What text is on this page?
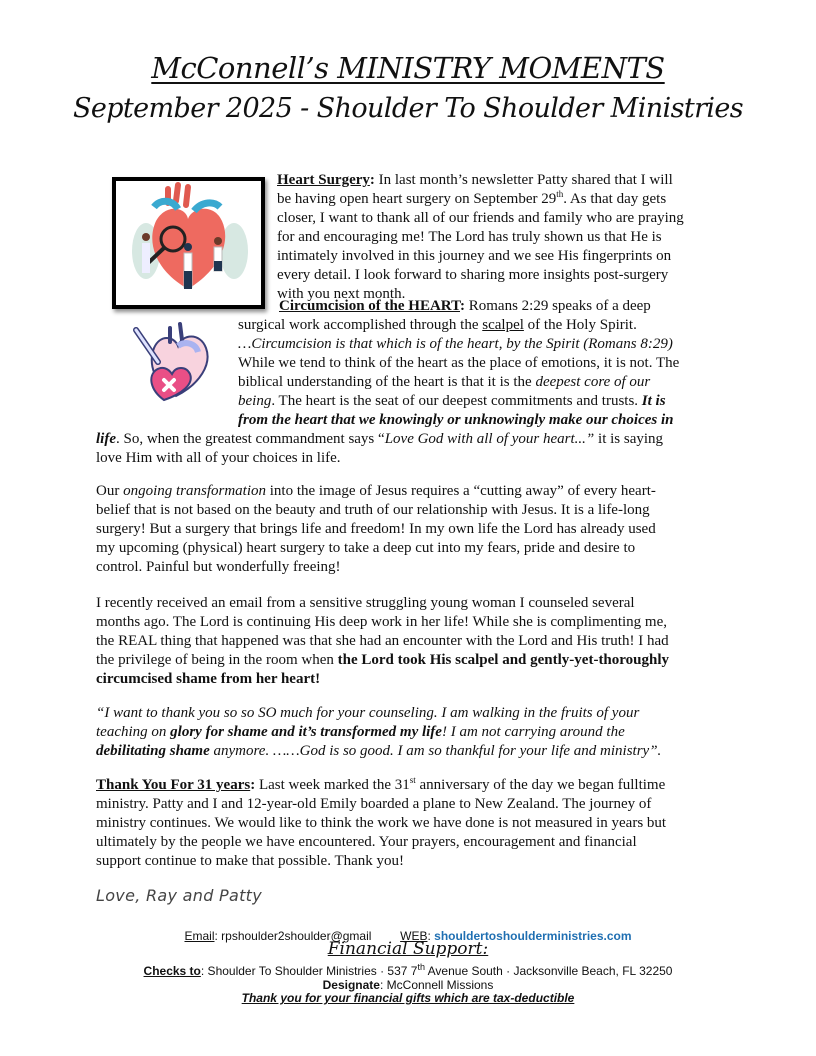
McConnell’s MINISTRY MOMENTS
September 2025 - Shoulder To Shoulder Ministries
Heart Surgery: In last month’s newsletter Patty shared that I will
be having open heart surgery on September 29th. As that day gets
closer, I want to thank all of our friends and family who are praying
for and encouraging me! The Lord has truly shown us that He is
intimately involved in this journey and we see His fingerprints on
every detail. I look forward to sharing more insights post-surgery
with you next month.
Circumcision of the HEART: Romans 2:29 speaks of a deep
surgical work accomplished through the scalpel of the Holy Spirit.
…Circumcision is that which is of the heart, by the Spirit (Romans 8:29)
While we tend to think of the heart as the place of emotions, it is not. The
biblical understanding of the heart is that it is the deepest core of our
being. The heart is the seat of our deepest commitments and trusts. It is
from the heart that we knowingly or unknowingly make our choices in
life. So, when the greatest commandment says “Love God with all of your heart...” it is saying
love Him with all of your choices in life.
Our ongoing transformation into the image of Jesus requires a “cutting away” of every heart-
belief that is not based on the beauty and truth of our relationship with Jesus. It is a life-long
surgery! But a surgery that brings life and freedom! In my own life the Lord has already used
my upcoming (physical) heart surgery to take a deep cut into my fears, pride and desire to
control. Painful but wonderfully freeing!
I recently received an email from a sensitive struggling young woman I counseled several
months ago. The Lord is continuing His deep work in her life! While she is complimenting me,
the REAL thing that happened was that she had an encounter with the Lord and His truth! I had
the privilege of being in the room when the Lord took His scalpel and gently-yet-thoroughly
circumcised shame from her heart!
“I want to thank you so so SO much for your counseling. I am walking in the fruits of your
teaching on glory for shame and it’s transformed my life! I am not carrying around the
debilitating shame anymore. ……God is so good. I am so thankful for your life and ministry”.
Thank You For 31 years: Last week marked the 31st anniversary of the day we began fulltime
ministry. Patty and I and 12-year-old Emily boarded a plane to New Zealand. The journey of
ministry continues. We would like to think the work we have done is not measured in years but
ultimately by the people we have encountered. Your prayers, encouragement and financial
support continue to make that possible. Thank you!
Love, Ray and Patty
Email: rpshoulder2shoulder@gmail WEB: shouldertoshoulderministries.com
Financial Support:
Checks to: Shoulder To Shoulder Ministries · 537 7th Avenue South · Jacksonville Beach, FL 32250
Designate: McConnell Missions
Thank you for your financial gifts which are tax-deductible
